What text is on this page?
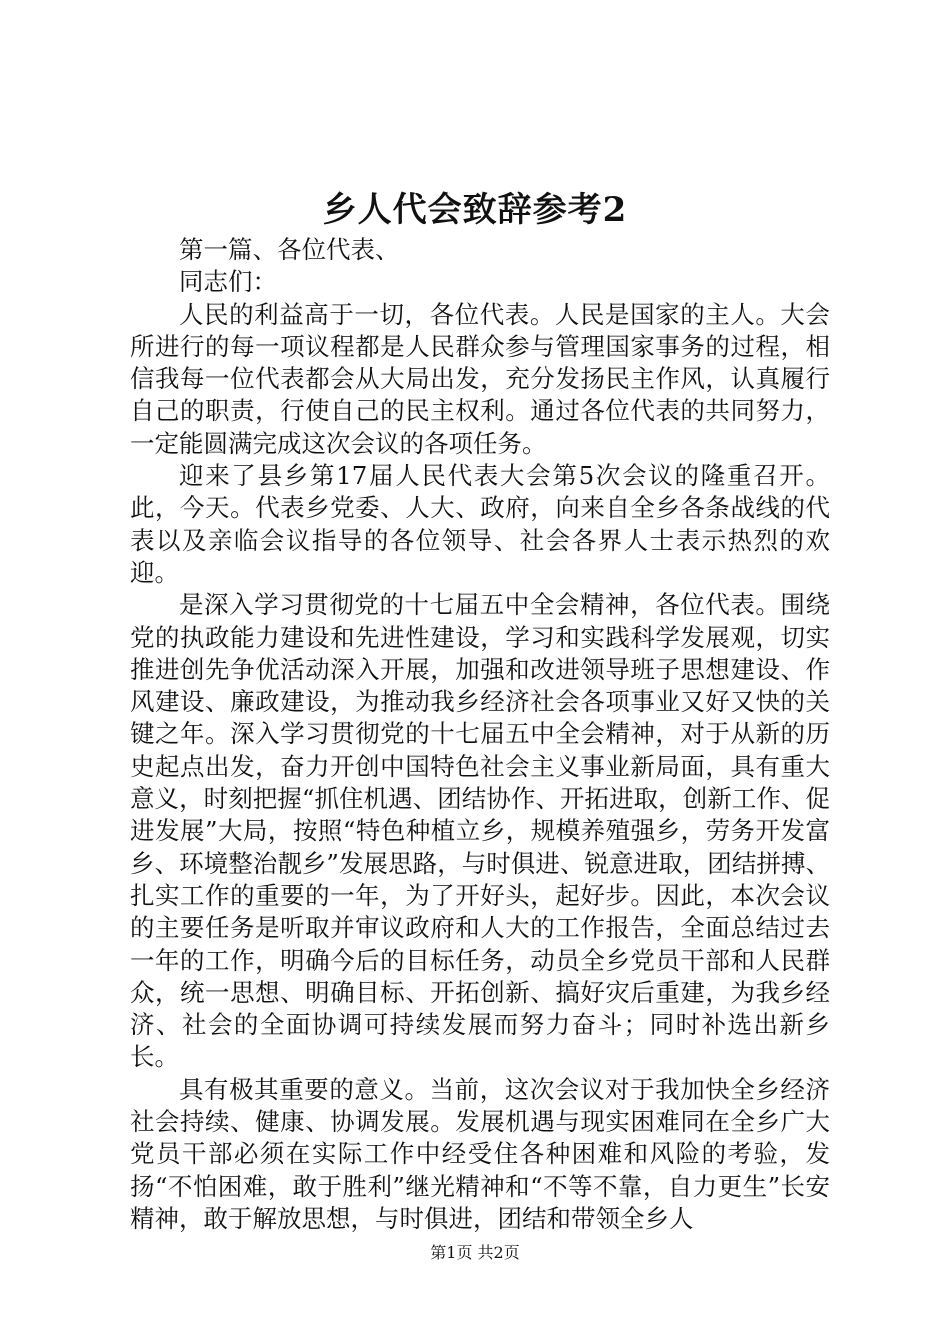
乡人代会致辞参考2

第一篇、各位代表、

同志们：

人民的利益高于一切，各位代表。人民是国家的主人。大会所进行的每一项议程都是人民群众参与管理国家事务的过程，相信我每一位代表都会从大局出发，充分发扬民主作风，认真履行自己的职责，行使自己的民主权利。通过各位代表的共同努力，一定能圆满完成这次会议的各项任务。

迎来了县乡第17届人民代表大会第5次会议的隆重召开。此，今天。代表乡党委、人大、政府，向来自全乡各条战线的代表以及亲临会议指导的各位领导、社会各界人士表示热烈的欢迎。

是深入学习贯彻党的十七届五中全会精神，各位代表。围绕党的执政能力建设和先进性建设，学习和实践科学发展观，切实推进创先争优活动深入开展，加强和改进领导班子思想建设、作风建设、廉政建设，为推动我乡经济社会各项事业又好又快的关键之年。深入学习贯彻党的十七届五中全会精神，对于从新的历史起点出发，奋力开创中国特色社会主义事业新局面，具有重大意义，时刻把握“抓住机遇、团结协作、开拓进取，创新工作、促进发展”大局，按照“特色种植立乡，规模养殖强乡，劳务开发富乡、环境整治靓乡”发展思路，与时俱进、锐意进取，团结拼搏、扎实工作的重要的一年，为了开好头，起好步。因此，本次会议的主要任务是听取并审议政府和人大的工作报告，全面总结过去一年的工作，明确今后的目标任务，动员全乡党员干部和人民群众，统一思想、明确目标、开拓创新、搞好灾后重建，为我乡经济、社会的全面协调可持续发展而努力奋斗；同时补选出新乡长。

具有极其重要的意义。当前，这次会议对于我加快全乡经济社会持续、健康、协调发展。发展机遇与现实困难同在全乡广大党员干部必须在实际工作中经受住各种困难和风险的考验，发扬“不怕困难，敢于胜利”继光精神和“不等不靠，自力更生”长安精神，敢于解放思想，与时俱进，团结和带领全乡人

第1页 共2页
